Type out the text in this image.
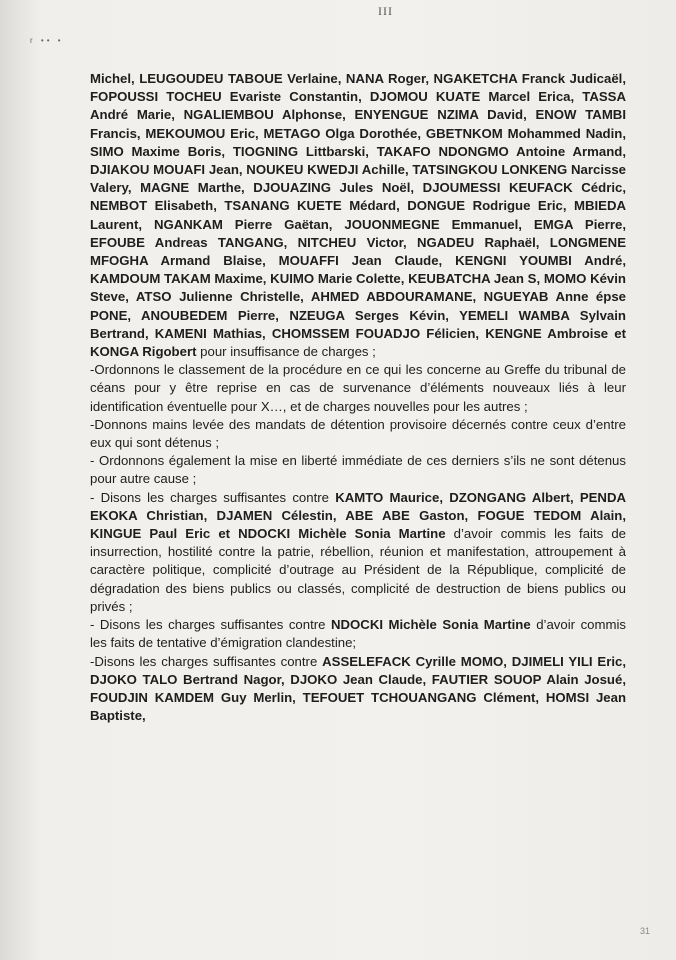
III
r •• •

Michel, LEUGOUDEU TABOUE Verlaine, NANA Roger, NGAKETCHA Franck Judicaël, FOPOUSSI TOCHEU Evariste Constantin, DJOMOU KUATE Marcel Erica, TASSA André Marie, NGALIEMBOU Alphonse, ENYENGUE NZIMA David, ENOW TAMBI Francis, MEKOUMOU Eric, METAGO Olga Dorothée, GBETNKOM Mohammed Nadin, SIMO Maxime Boris, TIOGNING Littbarski, TAKAFO NDONGMO Antoine Armand, DJIAKOU MOUAFI Jean, NOUKEU KWEDJI Achille, TATSINGKOU LONKENG Narcisse Valery, MAGNE Marthe, DJOUAZING Jules Noël, DJOUMESSI KEUFACK Cédric, NEMBOT Elisabeth, TSANANG KUETE Médard, DONGUE Rodrigue Eric, MBIEDA Laurent, NGANKAM Pierre Gaëtan, JOUONMEGNE Emmanuel, EMGA Pierre, EFOUBE Andreas TANGANG, NITCHEU Victor, NGADEU Raphaël, LONGMENE MFOGHA Armand Blaise, MOUAFFI Jean Claude, KENGNI YOUMBI André, KAMDOUM TAKAM Maxime, KUIMO Marie Colette, KEUBATCHA Jean S, MOMO Kévin Steve, ATSO Julienne Christelle, AHMED ABDOURAMANE, NGUEYAB Anne épse PONE, ANOUBEDEM Pierre, NZEUGA Serges Kévin, YEMELI WAMBA Sylvain Bertrand, KAMENI Mathias, CHOMSSEM FOUADJO Félicien, KENGNE Ambroise et KONGA Rigobert pour insuffisance de charges ;

-Ordonnons le classement de la procédure en ce qui les concerne au Greffe du tribunal de céans pour y être reprise en cas de survenance d’éléments nouveaux liés à leur identification éventuelle pour X…, et de charges nouvelles pour les autres ;

-Donnons mains levée des mandats de détention provisoire décernés contre ceux d’entre eux qui sont détenus ;

- Ordonnons également la mise en liberté immédiate de ces derniers s’ils ne sont détenus pour autre cause ;

- Disons les charges suffisantes contre KAMTO Maurice, DZONGANG Albert, PENDA EKOKA Christian, DJAMEN Célestin, ABE ABE Gaston, FOGUE TEDOM Alain, KINGUE Paul Eric et NDOCKI Michèle Sonia Martine d’avoir commis les faits de insurrection, hostilité contre la patrie, rébellion, réunion et manifestation, attroupement à caractère politique, complicité d’outrage au Président de la République, complicité de dégradation des biens publics ou classés, complicité de destruction de biens publics ou privés ;

- Disons les charges suffisantes contre NDOCKI Michèle Sonia Martine d’avoir commis les faits de tentative d’émigration clandestine;

-Disons les charges suffisantes contre ASSELEFACK Cyrille MOMO, DJIMELI YILI Eric, DJOKO TALO Bertrand Nagor, DJOKO Jean Claude, FAUTIER SOUOP Alain Josué, FOUDJIN KAMDEM Guy Merlin, TEFOUET TCHOUANGANG Clément, HOMSI Jean Baptiste,

31
